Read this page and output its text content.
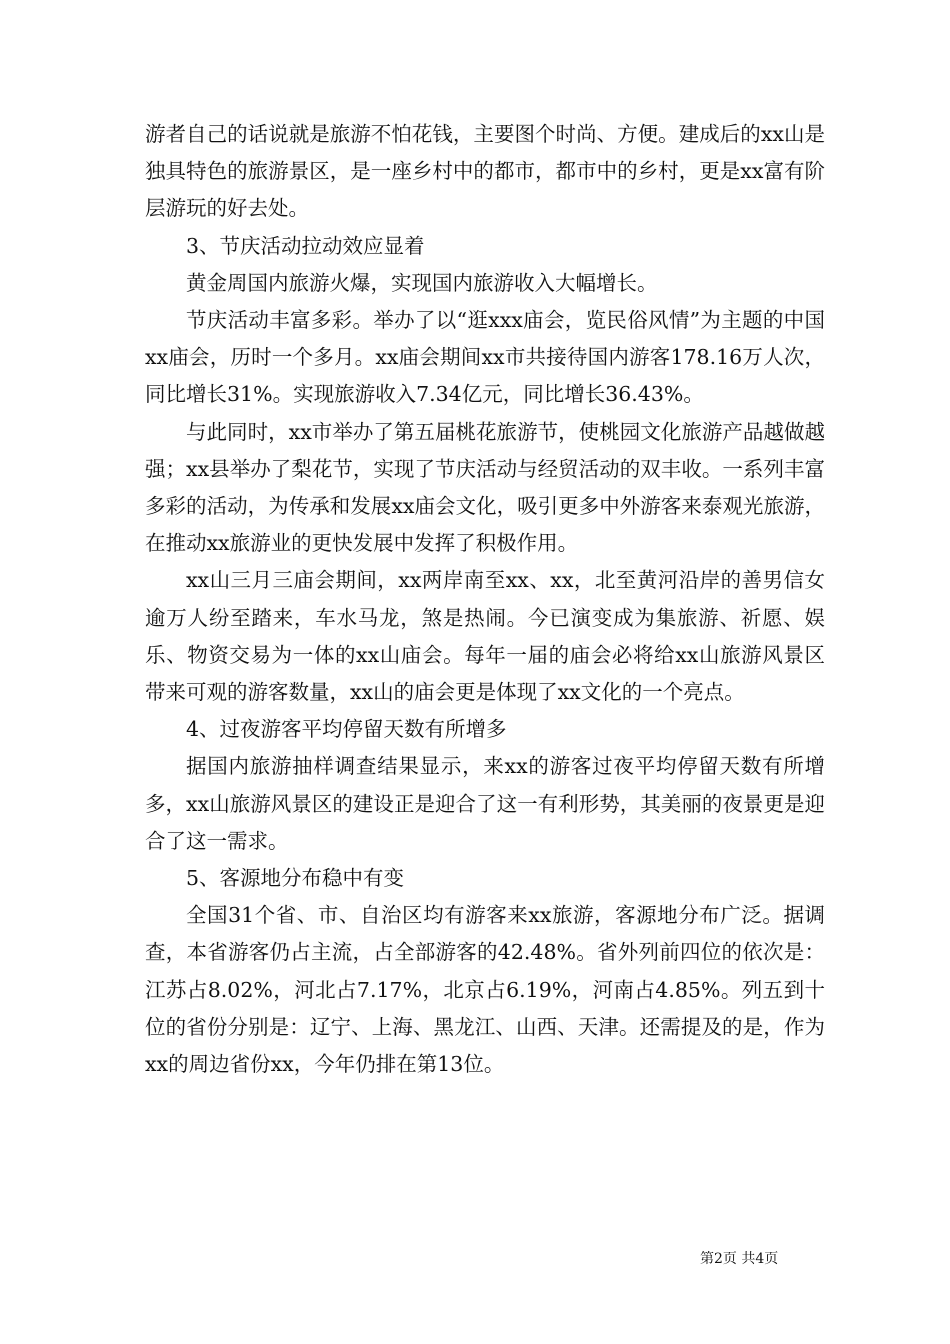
游者自己的话说就是旅游不怕花钱，主要图个时尚、方便。建成后的xx山是独具特色的旅游景区，是一座乡村中的都市，都市中的乡村，更是xx富有阶层游玩的好去处。

3、节庆活动拉动效应显着

黄金周国内旅游火爆，实现国内旅游收入大幅增长。

节庆活动丰富多彩。举办了以“逛xxx庙会，览民俗风情”为主题的中国xx庙会，历时一个多月。xx庙会期间xx市共接待国内游客178.16万人次，同比增长31%。实现旅游收入7.34亿元，同比增长36.43%。

与此同时，xx市举办了第五届桃花旅游节，使桃园文化旅游产品越做越强；xx县举办了梨花节，实现了节庆活动与经贸活动的双丰收。一系列丰富多彩的活动，为传承和发展xx庙会文化，吸引更多中外游客来泰观光旅游，在推动xx旅游业的更快发展中发挥了积极作用。

xx山三月三庙会期间，xx两岸南至xx、xx，北至黄河沿岸的善男信女逾万人纷至踏来，车水马龙，煞是热闹。今已演变成为集旅游、祈愿、娱乐、物资交易为一体的xx山庙会。每年一届的庙会必将给xx山旅游风景区带来可观的游客数量，xx山的庙会更是体现了xx文化的一个亮点。

4、过夜游客平均停留天数有所增多

据国内旅游抽样调查结果显示，来xx的游客过夜平均停留天数有所增多，xx山旅游风景区的建设正是迎合了这一有利形势，其美丽的夜景更是迎合了这一需求。

5、客源地分布稳中有变

全国31个省、市、自治区均有游客来xx旅游，客源地分布广泛。据调查，本省游客仍占主流，占全部游客的42.48%。省外列前四位的依次是：江苏占8.02%，河北占7.17%，北京占6.19%，河南占4.85%。列五到十位的省份分别是：辽宁、上海、黑龙江、山西、天津。还需提及的是，作为xx的周边省份xx，今年仍排在第13位。

第2页 共4页
